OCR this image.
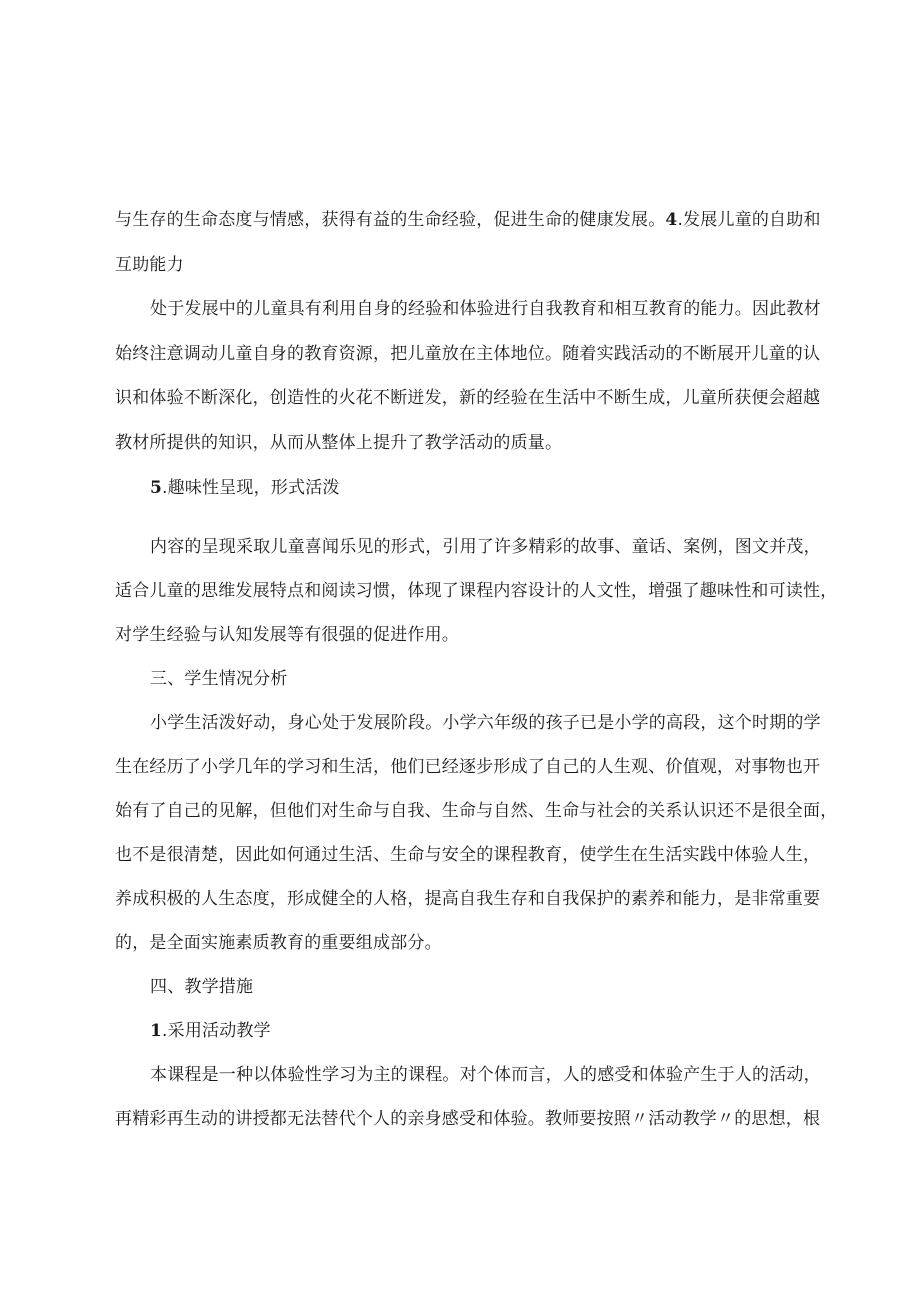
与生存的生命态度与情感，获得有益的生命经验，促进生命的健康发展。4.发展儿童的自助和
互助能力
处于发展中的儿童具有利用自身的经验和体验进行自我教育和相互教育的能力。因此教材
始终注意调动儿童自身的教育资源，把儿童放在主体地位。随着实践活动的不断展开儿童的认
识和体验不断深化，创造性的火花不断迸发，新的经验在生活中不断生成，儿童所获便会超越
教材所提供的知识，从而从整体上提升了教学活动的质量。
5.趣味性呈现，形式活泼
内容的呈现采取儿童喜闻乐见的形式，引用了许多精彩的故事、童话、案例，图文并茂，
适合儿童的思维发展特点和阅读习惯，体现了课程内容设计的人文性，增强了趣味性和可读性，
对学生经验与认知发展等有很强的促进作用。
三、学生情况分析
小学生活泼好动，身心处于发展阶段。小学六年级的孩子已是小学的高段，这个时期的学
生在经历了小学几年的学习和生活，他们已经逐步形成了自己的人生观、价值观，对事物也开
始有了自己的见解，但他们对生命与自我、生命与自然、生命与社会的关系认识还不是很全面，
也不是很清楚，因此如何通过生活、生命与安全的课程教育，使学生在生活实践中体验人生，
养成积极的人生态度，形成健全的人格，提高自我生存和自我保护的素养和能力，是非常重要
的，是全面实施素质教育的重要组成部分。
四、教学措施
1.采用活动教学
本课程是一种以体验性学习为主的课程。对个体而言，人的感受和体验产生于人的活动，
再精彩再生动的讲授都无法替代个人的亲身感受和体验。教师要按照〃活动教学〃的思想，根
